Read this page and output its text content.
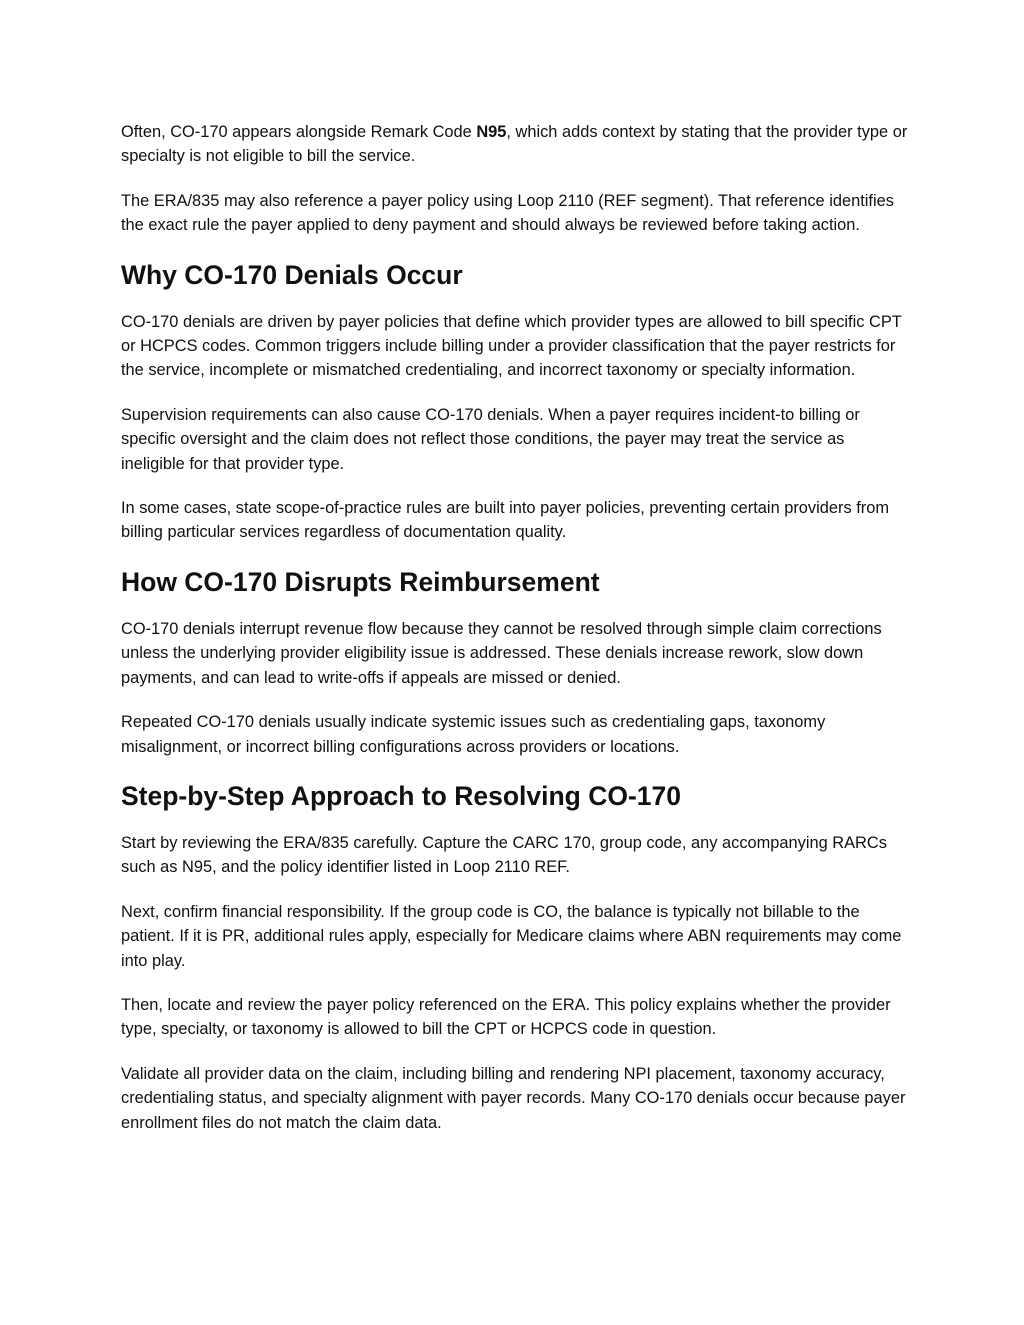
Often, CO-170 appears alongside Remark Code N95, which adds context by stating that the provider type or specialty is not eligible to bill the service.

The ERA/835 may also reference a payer policy using Loop 2110 (REF segment). That reference identifies the exact rule the payer applied to deny payment and should always be reviewed before taking action.

Why CO-170 Denials Occur

CO-170 denials are driven by payer policies that define which provider types are allowed to bill specific CPT or HCPCS codes. Common triggers include billing under a provider classification that the payer restricts for the service, incomplete or mismatched credentialing, and incorrect taxonomy or specialty information.

Supervision requirements can also cause CO-170 denials. When a payer requires incident-to billing or specific oversight and the claim does not reflect those conditions, the payer may treat the service as ineligible for that provider type.

In some cases, state scope-of-practice rules are built into payer policies, preventing certain providers from billing particular services regardless of documentation quality.

How CO-170 Disrupts Reimbursement

CO-170 denials interrupt revenue flow because they cannot be resolved through simple claim corrections unless the underlying provider eligibility issue is addressed. These denials increase rework, slow down payments, and can lead to write-offs if appeals are missed or denied.

Repeated CO-170 denials usually indicate systemic issues such as credentialing gaps, taxonomy misalignment, or incorrect billing configurations across providers or locations.

Step-by-Step Approach to Resolving CO-170

Start by reviewing the ERA/835 carefully. Capture the CARC 170, group code, any accompanying RARCs such as N95, and the policy identifier listed in Loop 2110 REF.

Next, confirm financial responsibility. If the group code is CO, the balance is typically not billable to the patient. If it is PR, additional rules apply, especially for Medicare claims where ABN requirements may come into play.

Then, locate and review the payer policy referenced on the ERA. This policy explains whether the provider type, specialty, or taxonomy is allowed to bill the CPT or HCPCS code in question.

Validate all provider data on the claim, including billing and rendering NPI placement, taxonomy accuracy, credentialing status, and specialty alignment with payer records. Many CO-170 denials occur because payer enrollment files do not match the claim data.
